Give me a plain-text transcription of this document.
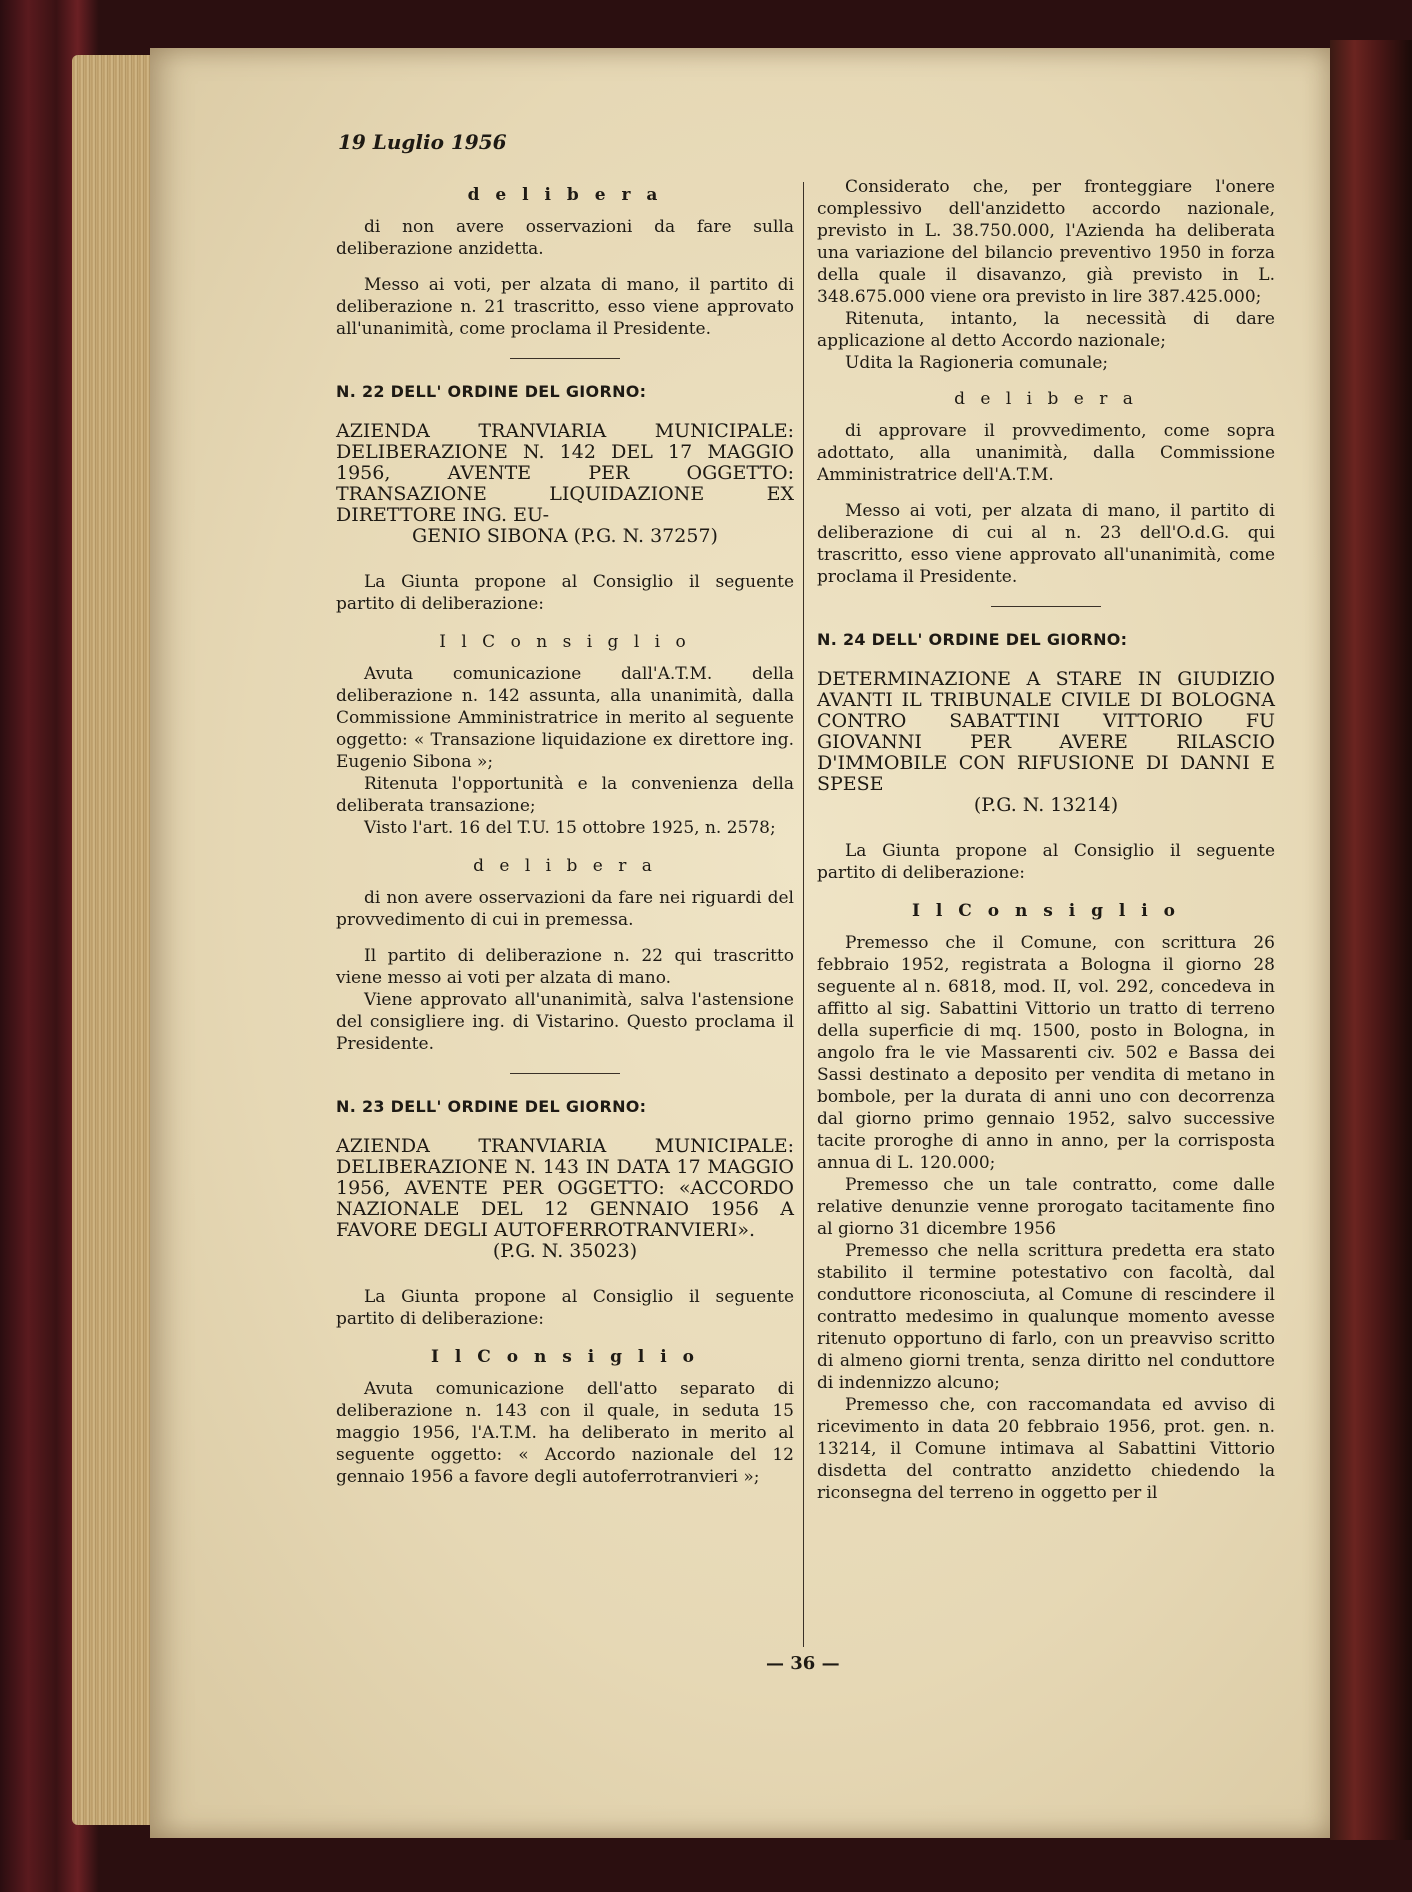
19 Luglio 1956

d e l i b e r a

di non avere osservazioni da fare sulla deliberazione anzidetta.

Messo ai voti, per alzata di mano, il partito di deliberazione n. 21 trascritto, esso viene approvato all'unanimità, come proclama il Presidente.

N. 22 DELL' ORDINE DEL GIORNO:
AZIENDA TRANVIARIA MUNICIPALE: DELIBERAZIONE N. 142 DEL 17 MAGGIO 1956, AVENTE PER OGGETTO: TRANSAZIONE LIQUIDAZIONE EX DIRETTORE ING. EU-
GENIO SIBONA (P.G. N. 37257)

La Giunta propone al Consiglio il seguente partito di deliberazione:

I l C o n s i g l i o

Avuta comunicazione dall'A.T.M. della deliberazione n. 142 assunta, alla unanimità, dalla Commissione Amministratrice in merito al seguente oggetto: « Transazione liquidazione ex direttore ing. Eugenio Sibona »;

Ritenuta l'opportunità e la convenienza della deliberata transazione;

Visto l'art. 16 del T.U. 15 ottobre 1925, n. 2578;

d e l i b e r a

di non avere osservazioni da fare nei riguardi del provvedimento di cui in premessa.

Il partito di deliberazione n. 22 qui trascritto viene messo ai voti per alzata di mano.

Viene approvato all'unanimità, salva l'astensione del consigliere ing. di Vistarino. Questo proclama il Presidente.

N. 23 DELL' ORDINE DEL GIORNO:
AZIENDA TRANVIARIA MUNICIPALE: DELIBERAZIONE N. 143 IN DATA 17 MAGGIO 1956, AVENTE PER OGGETTO: «ACCORDO NAZIONALE DEL 12 GENNAIO 1956 A FAVORE DEGLI AUTOFERROTRANVIERI».
(P.G. N. 35023)

La Giunta propone al Consiglio il seguente partito di deliberazione:

I l C o n s i g l i o

Avuta comunicazione dell'atto separato di deliberazione n. 143 con il quale, in seduta 15 maggio 1956, l'A.T.M. ha deliberato in merito al seguente oggetto: « Accordo nazionale del 12 gennaio 1956 a favore degli autoferrotranvieri »;

Considerato che, per fronteggiare l'onere complessivo dell'anzidetto accordo nazionale, previsto in L. 38.750.000, l'Azienda ha deliberata una variazione del bilancio preventivo 1950 in forza della quale il disavanzo, già previsto in L. 348.675.000 viene ora previsto in lire 387.425.000;

Ritenuta, intanto, la necessità di dare applicazione al detto Accordo nazionale;

Udita la Ragioneria comunale;

d e l i b e r a

di approvare il provvedimento, come sopra adottato, alla unanimità, dalla Commissione Amministratrice dell'A.T.M.

Messo ai voti, per alzata di mano, il partito di deliberazione di cui al n. 23 dell'O.d.G. qui trascritto, esso viene approvato all'unanimità, come proclama il Presidente.

N. 24 DELL' ORDINE DEL GIORNO:
DETERMINAZIONE A STARE IN GIUDIZIO AVANTI IL TRIBUNALE CIVILE DI BOLOGNA CONTRO SABATTINI VITTORIO FU GIOVANNI PER AVERE RILASCIO D'IMMOBILE CON RIFUSIONE DI DANNI E SPESE
(P.G. N. 13214)

La Giunta propone al Consiglio il seguente partito di deliberazione:

I l C o n s i g l i o

Premesso che il Comune, con scrittura 26 febbraio 1952, registrata a Bologna il giorno 28 seguente al n. 6818, mod. II, vol. 292, concedeva in affitto al sig. Sabattini Vittorio un tratto di terreno della superficie di mq. 1500, posto in Bologna, in angolo fra le vie Massarenti civ. 502 e Bassa dei Sassi destinato a deposito per vendita di metano in bombole, per la durata di anni uno con decorrenza dal giorno primo gennaio 1952, salvo successive tacite proroghe di anno in anno, per la corrisposta annua di L. 120.000;

Premesso che un tale contratto, come dalle relative denunzie venne prorogato tacitamente fino al giorno 31 dicembre 1956

Premesso che nella scrittura predetta era stato stabilito il termine potestativo con facoltà, dal conduttore riconosciuta, al Comune di rescindere il contratto medesimo in qualunque momento avesse ritenuto opportuno di farlo, con un preavviso scritto di almeno giorni trenta, senza diritto nel conduttore di indennizzo alcuno;

Premesso che, con raccomandata ed avviso di ricevimento in data 20 febbraio 1956, prot. gen. n. 13214, il Comune intimava al Sabattini Vittorio disdetta del contratto anzidetto chiedendo la riconsegna del terreno in oggetto per il

— 36 —
